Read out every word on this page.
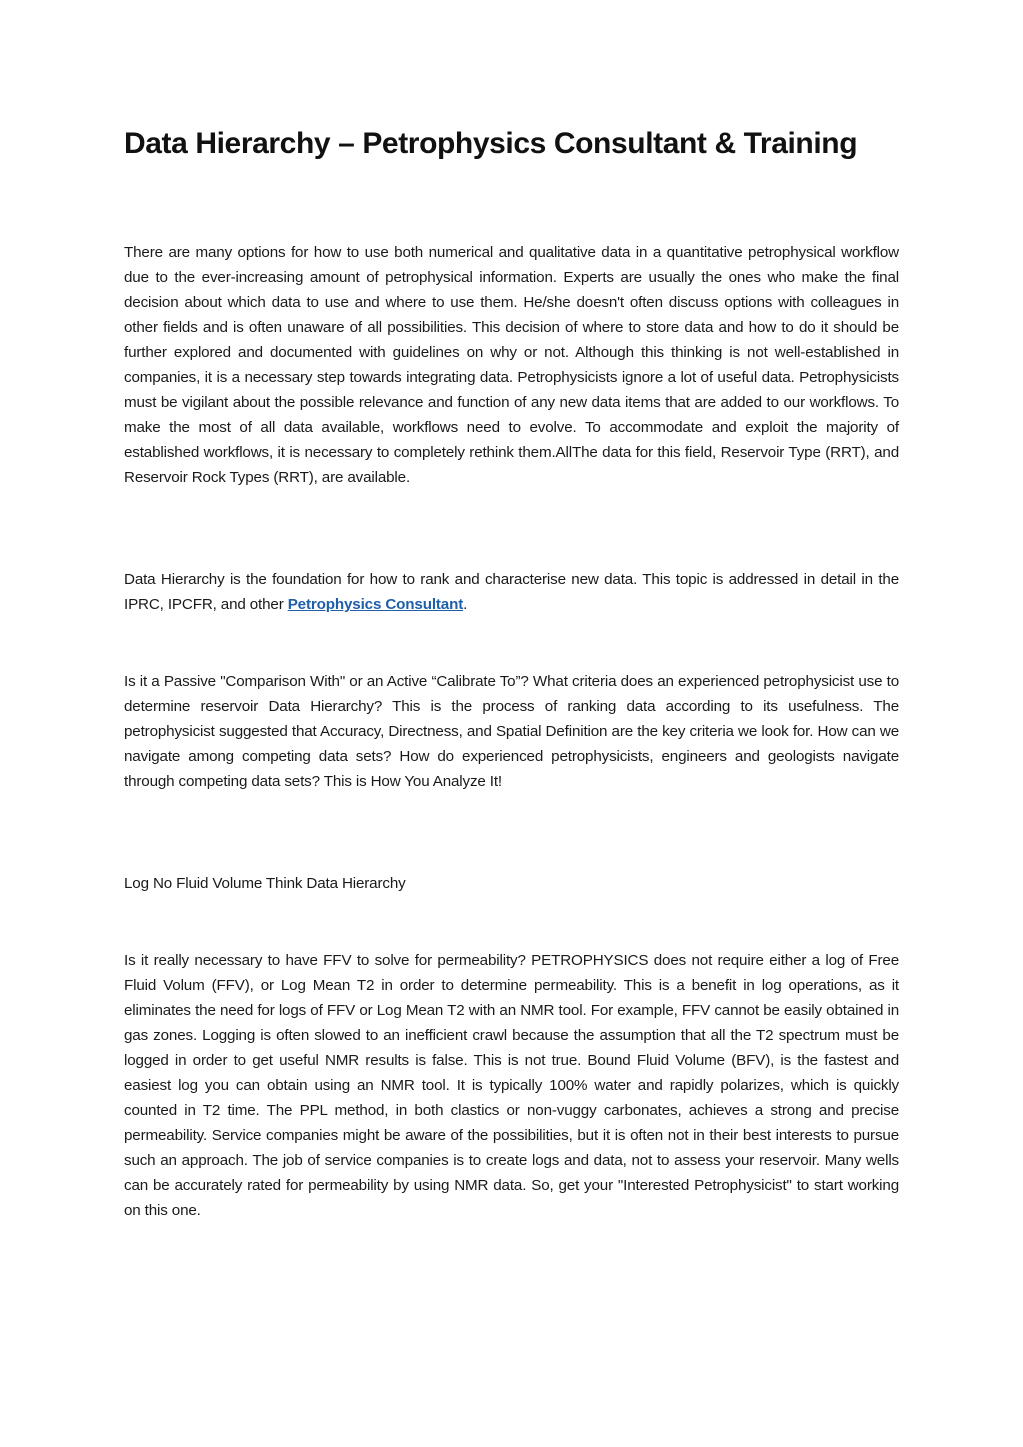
Data Hierarchy – Petrophysics Consultant & Training

There are many options for how to use both numerical and qualitative data in a quantitative petrophysical workflow due to the ever-increasing amount of petrophysical information. Experts are usually the ones who make the final decision about which data to use and where to use them. He/she doesn't often discuss options with colleagues in other fields and is often unaware of all possibilities. This decision of where to store data and how to do it should be further explored and documented with guidelines on why or not. Although this thinking is not well-established in companies, it is a necessary step towards integrating data. Petrophysicists ignore a lot of useful data. Petrophysicists must be vigilant about the possible relevance and function of any new data items that are added to our workflows. To make the most of all data available, workflows need to evolve. To accommodate and exploit the majority of established workflows, it is necessary to completely rethink them.AllThe data for this field, Reservoir Type (RRT), and Reservoir Rock Types (RRT), are available.

Data Hierarchy is the foundation for how to rank and characterise new data. This topic is addressed in detail in the IPRC, IPCFR, and other Petrophysics Consultant.

Is it a Passive "Comparison With" or an Active “Calibrate To”? What criteria does an experienced petrophysicist use to determine reservoir Data Hierarchy? This is the process of ranking data according to its usefulness. The petrophysicist suggested that Accuracy, Directness, and Spatial Definition are the key criteria we look for. How can we navigate among competing data sets? How do experienced petrophysicists, engineers and geologists navigate through competing data sets? This is How You Analyze It!

Log No Fluid Volume Think Data Hierarchy

Is it really necessary to have FFV to solve for permeability? PETROPHYSICS does not require either a log of Free Fluid Volum (FFV), or Log Mean T2 in order to determine permeability. This is a benefit in log operations, as it eliminates the need for logs of FFV or Log Mean T2 with an NMR tool. For example, FFV cannot be easily obtained in gas zones. Logging is often slowed to an inefficient crawl because the assumption that all the T2 spectrum must be logged in order to get useful NMR results is false. This is not true. Bound Fluid Volume (BFV), is the fastest and easiest log you can obtain using an NMR tool. It is typically 100% water and rapidly polarizes, which is quickly counted in T2 time. The PPL method, in both clastics or non-vuggy carbonates, achieves a strong and precise permeability. Service companies might be aware of the possibilities, but it is often not in their best interests to pursue such an approach. The job of service companies is to create logs and data, not to assess your reservoir. Many wells can be accurately rated for permeability by using NMR data. So, get your "Interested Petrophysicist" to start working on this one.
